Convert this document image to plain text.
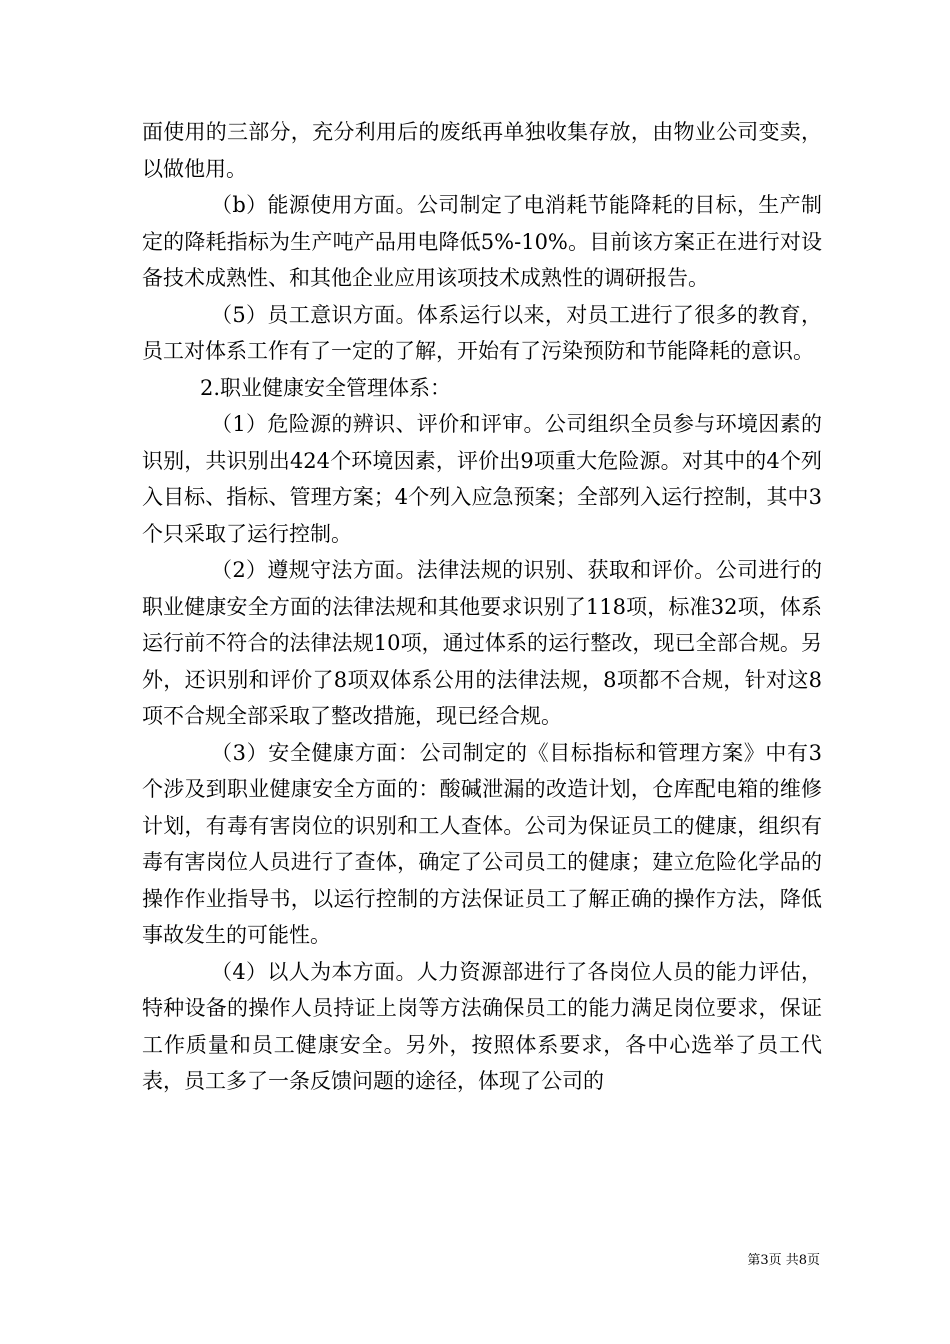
面使用的三部分，充分利用后的废纸再单独收集存放，由物业公司变卖，以做他用。

（b）能源使用方面。公司制定了电消耗节能降耗的目标，生产制定的降耗指标为生产吨产品用电降低5%-10%。目前该方案正在进行对设备技术成熟性、和其他企业应用该项技术成熟性的调研报告。

（5）员工意识方面。体系运行以来，对员工进行了很多的教育，员工对体系工作有了一定的了解，开始有了污染预防和节能降耗的意识。

2.职业健康安全管理体系：

（1）危险源的辨识、评价和评审。公司组织全员参与环境因素的识别，共识别出424个环境因素，评价出9项重大危险源。对其中的4个列入目标、指标、管理方案；4个列入应急预案；全部列入运行控制，其中3个只采取了运行控制。

（2）遵规守法方面。法律法规的识别、获取和评价。公司进行的职业健康安全方面的法律法规和其他要求识别了118项，标准32项，体系运行前不符合的法律法规10项，通过体系的运行整改，现已全部合规。另外，还识别和评价了8项双体系公用的法律法规，8项都不合规，针对这8项不合规全部采取了整改措施，现已经合规。

（3）安全健康方面：公司制定的《目标指标和管理方案》中有3个涉及到职业健康安全方面的：酸碱泄漏的改造计划，仓库配电箱的维修计划，有毒有害岗位的识别和工人查体。公司为保证员工的健康，组织有毒有害岗位人员进行了查体，确定了公司员工的健康；建立危险化学品的操作作业指导书，以运行控制的方法保证员工了解正确的操作方法，降低事故发生的可能性。

（4）以人为本方面。人力资源部进行了各岗位人员的能力评估，特种设备的操作人员持证上岗等方法确保员工的能力满足岗位要求，保证工作质量和员工健康安全。另外，按照体系要求，各中心选举了员工代表，员工多了一条反馈问题的途径，体现了公司的

第3页 共8页
